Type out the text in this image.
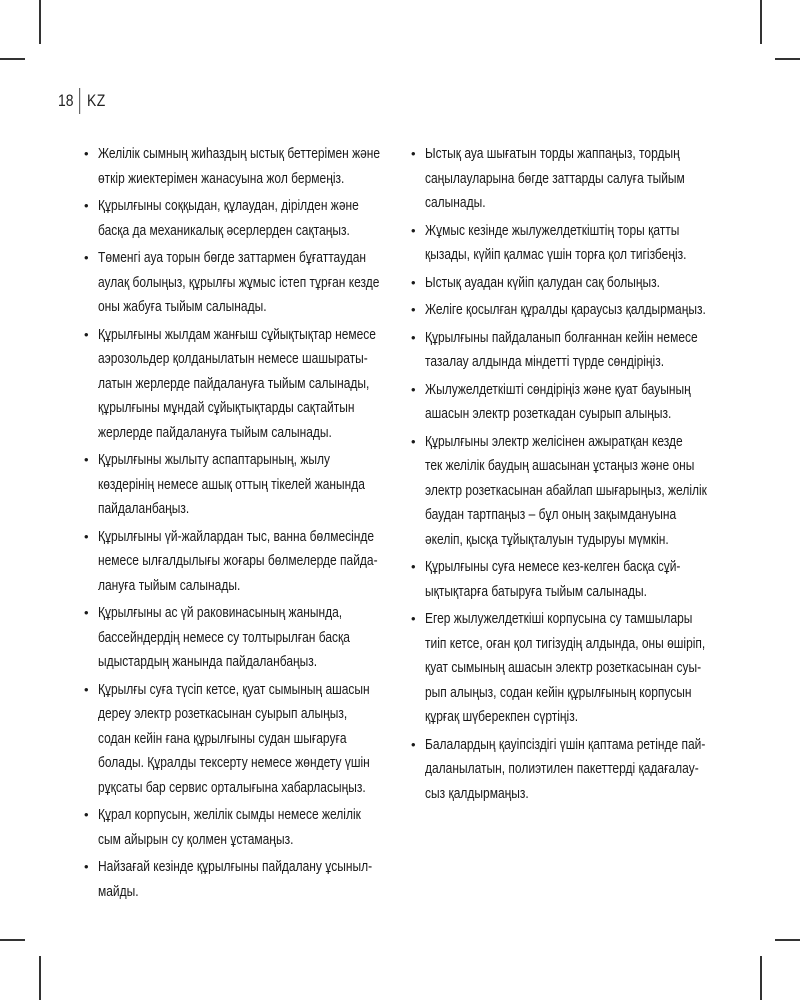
18 KZ
• Желілік сымның жиһаздың ыстық беттерімен және
өткір жиектерімен жанасуына жол бермеңіз.
• Құрылғыны соққыдан, құлаудан, дірілден және
басқа да механикалық әсерлерден сақтаңыз.
• Төменгі ауа торын бөгде заттармен бұғаттаудан
аулақ болыңыз, құрылғы жұмыс істеп тұрған кезде
оны жабуға тыйым салынады.
• Құрылғыны жылдам жанғыш сұйықтықтар немесе
аэрозольдер қолданылатын немесе шашыраты-
латын жерлерде пайдалануға тыйым салынады,
құрылғыны мұндай сұйықтықтарды сақтайтын
жерлерде пайдалануға тыйым салынады.
• Құрылғыны жылыту аспаптарының, жылу
көздерінің немесе ашық оттың тікелей жанында
пайдаланбаңыз.
• Құрылғыны үй-жайлардан тыс, ванна бөлмесінде
немесе ылғалдылығы жоғары бөлмелерде пайда-
лануға тыйым салынады.
• Құрылғыны ас үй раковинасының жанында,
бассейндердің немесе су толтырылған басқа
ыдыстардың жанында пайдаланбаңыз.
• Құрылғы суға түсіп кетсе, қуат сымының ашасын
дереу электр розеткасынан суырып алыңыз,
содан кейін ғана құрылғыны судан шығаруға
болады. Құралды тексерту немесе жөндету үшін
рұқсаты бар сервис орталығына хабарласыңыз.
• Құрал корпусын, желілік сымды немесе желілік
сым айырын су қолмен ұстамаңыз.
• Найзағай кезінде құрылғыны пайдалану ұсыныл-
майды.
• Ыстық ауа шығатын торды жаппаңыз, тордың
саңылауларына бөгде заттарды салуға тыйым
салынады.
• Жұмыс кезінде жылужелдеткіштің торы қатты
қызады, күйіп қалмас үшін торға қол тигізбеңіз.
• Ыстық ауадан күйіп қалудан сақ болыңыз.
• Желіге қосылған құралды қараусыз қалдырмаңыз.
• Құрылғыны пайдаланып болғаннан кейін немесе
тазалау алдында міндетті түрде сөндіріңіз.
• Жылужелдеткішті сөндіріңіз және қуат бауының
ашасын электр розеткадан суырып алыңыз.
• Құрылғыны электр желісінен ажыратқан кезде
тек желілік баудың ашасынан ұстаңыз және оны
электр розеткасынан абайлап шығарыңыз, желілік
баудан тартпаңыз – бұл оның зақымдануына
әкеліп, қысқа тұйықталуын тудыруы мүмкін.
• Құрылғыны суға немесе кез-келген басқа сұй-
ықтықтарға батыруға тыйым салынады.
• Егер жылужелдеткіші корпусына су тамшылары
тиіп кетсе, оған қол тигізудің алдында, оны өшіріп,
қуат сымының ашасын электр розеткасынан суы-
рып алыңыз, содан кейін құрылғының корпусын
құрғақ шүберекпен сүртіңіз.
• Балалардың қауіпсіздігі үшін қаптама ретінде пай-
даланылатын, полиэтилен пакеттерді қадағалау-
сыз қалдырмаңыз.
